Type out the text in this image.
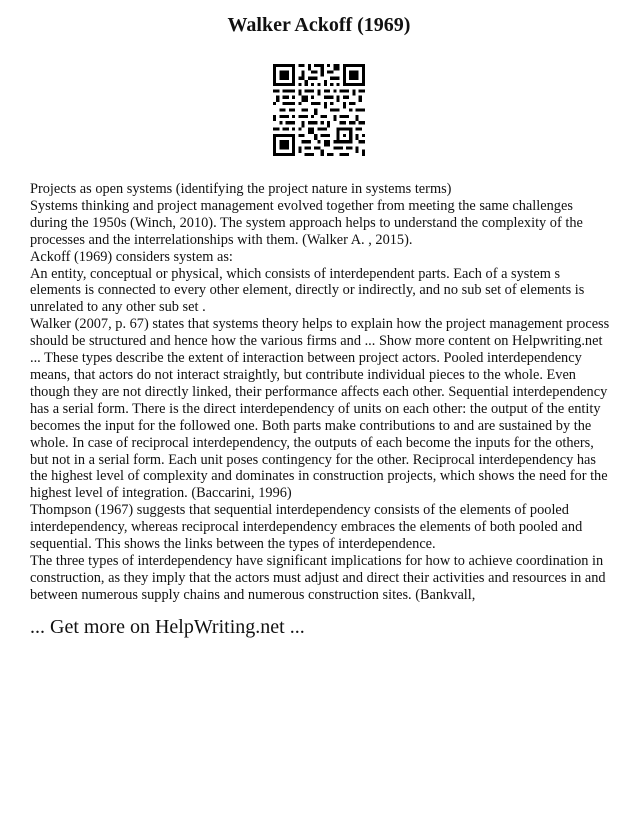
Walker Ackoff (1969)

Projects as open systems (identifying the project nature in systems terms)

Systems thinking and project management evolved together from meeting the same challenges during the 1950s (Winch, 2010). The system approach helps to understand the complexity of the processes and the interrelationships with them. (Walker A. , 2015).

Ackoff (1969) considers system as:

An entity, conceptual or physical, which consists of interdependent parts. Each of a system s elements is connected to every other element, directly or indirectly, and no sub set of elements is unrelated to any other sub set .

Walker (2007, p. 67) states that systems theory helps to explain how the project management process should be structured and hence how the various firms and ... Show more content on Helpwriting.net ... These types describe the extent of interaction between project actors. Pooled interdependency means, that actors do not interact straightly, but contribute individual pieces to the whole. Even though they are not directly linked, their performance affects each other. Sequential interdependency has a serial form. There is the direct interdependency of units on each other: the output of the entity becomes the input for the followed one. Both parts make contributions to and are sustained by the whole. In case of reciprocal interdependency, the outputs of each become the inputs for the others, but not in a serial form. Each unit poses contingency for the other. Reciprocal interdependency has the highest level of complexity and dominates in construction projects, which shows the need for the highest level of integration. (Baccarini, 1996)

Thompson (1967) suggests that sequential interdependency consists of the elements of pooled interdependency, whereas reciprocal interdependency embraces the elements of both pooled and sequential. This shows the links between the types of interdependence.

The three types of interdependency have significant implications for how to achieve coordination in construction, as they imply that the actors must adjust and direct their activities and resources in and between numerous supply chains and numerous construction sites. (Bankvall,

... Get more on HelpWriting.net ...
